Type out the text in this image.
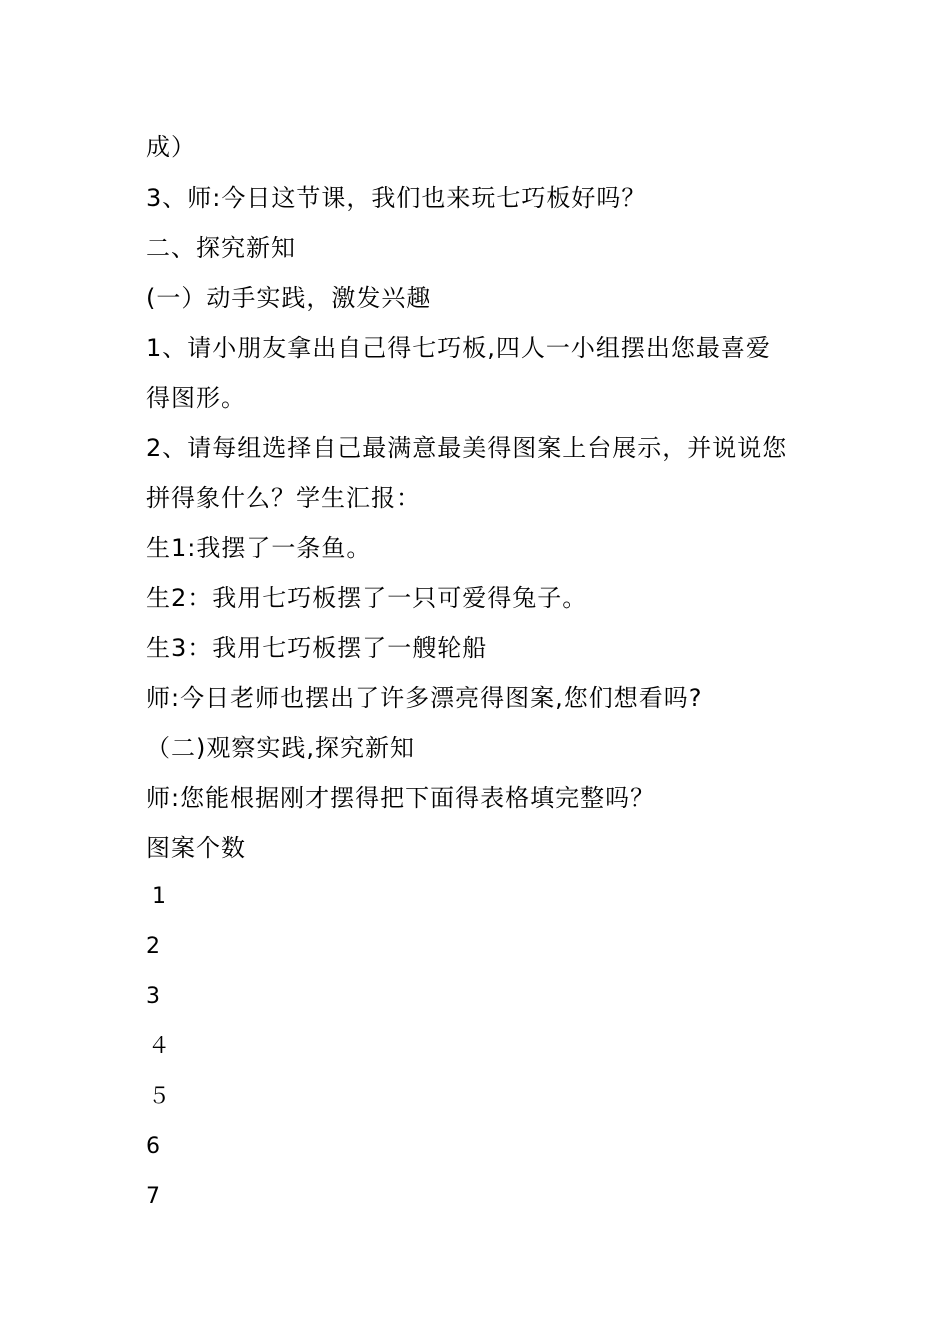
成）
3、师:今日这节课，我们也来玩七巧板好吗？
二、探究新知
(一）动手实践，激发兴趣
1、请小朋友拿出自己得七巧板,四人一小组摆出您最喜爱
得图形。
2、请每组选择自己最满意最美得图案上台展示，并说说您
拼得象什么？学生汇报：
生1:我摆了一条鱼。
生2：我用七巧板摆了一只可爱得兔子。
生3：我用七巧板摆了一艘轮船
师:今日老师也摆出了许多漂亮得图案,您们想看吗?
（二)观察实践,探究新知
师:您能根据刚才摆得把下面得表格填完整吗？
图案个数
1
2
3
４
５
6
7
